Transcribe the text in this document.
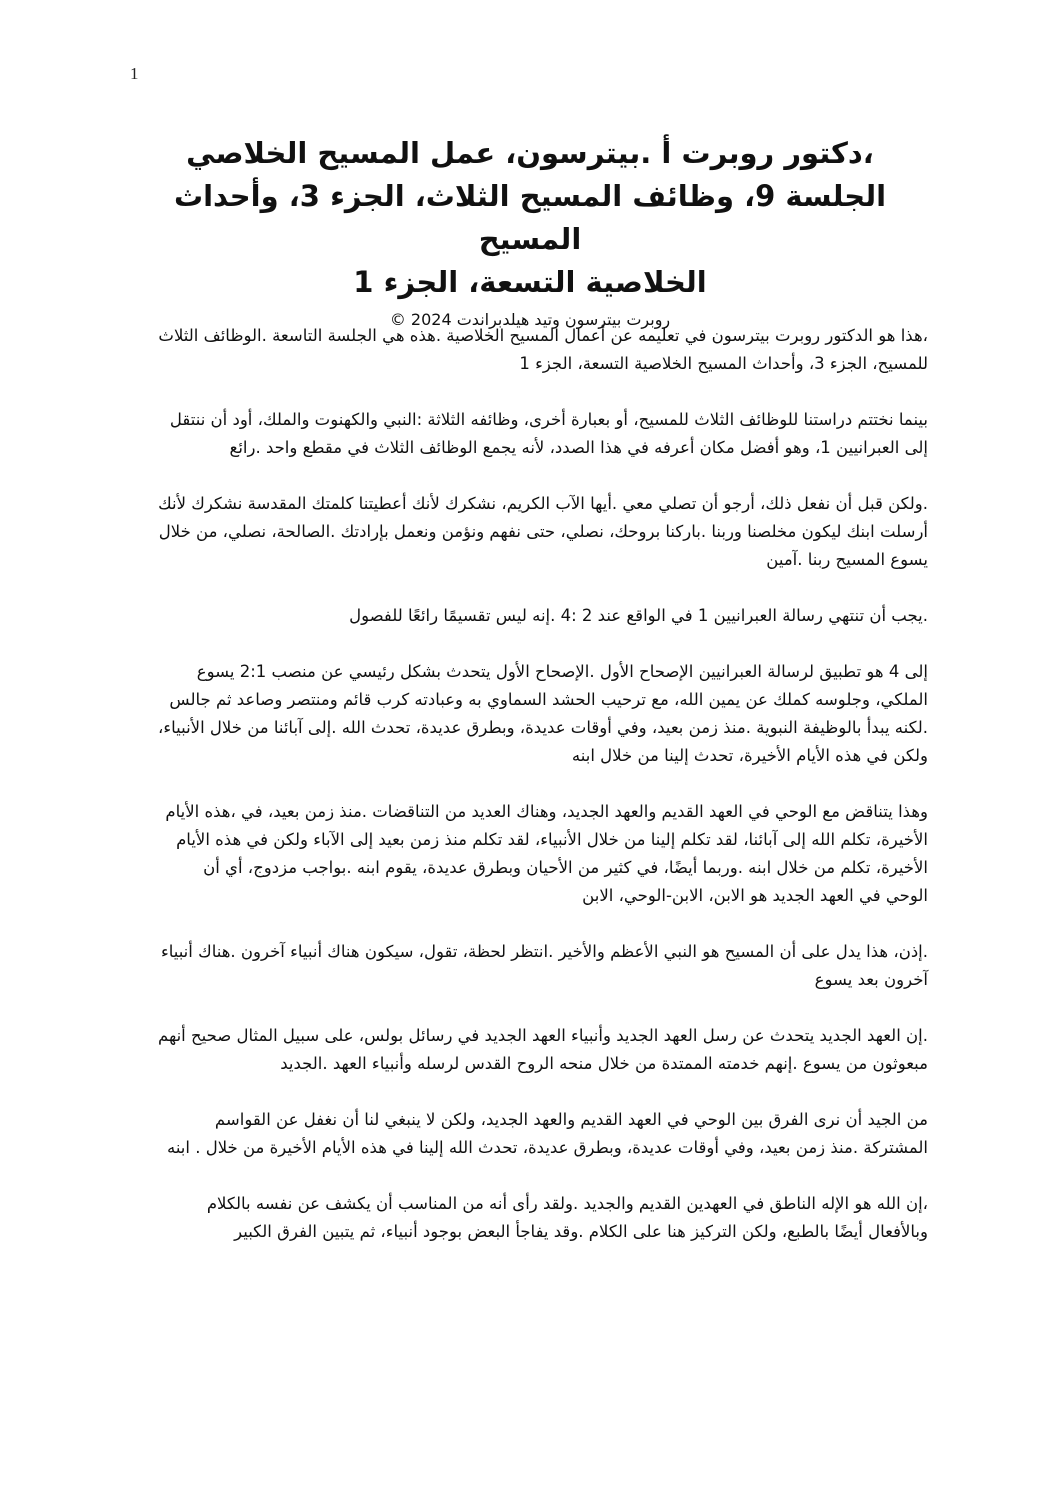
1
،دكتور روبرت أ .بيترسون، عمل المسيح الخلاصي
الجلسة 9، وظائف المسيح الثلاث، الجزء 3، وأحداث المسيح
الخلاصية التسعة، الجزء 1
روبرت بيترسون وتيد هيلدبراندت 2024 ©

،هذا هو الدكتور روبرت بيترسون في تعليمه عن أعمال المسيح الخلاصية .هذه هي الجلسة التاسعة .الوظائف الثلاث للمسيح، الجزء 3، وأحداث المسيح الخلاصية التسعة، الجزء 1

بينما نختتم دراستنا للوظائف الثلاث للمسيح، أو بعبارة أخرى، وظائفه الثلاثة :النبي والكهنوت والملك، أود أن ننتقل إلى العبرانيين 1، وهو أفضل مكان أعرفه في هذا الصدد، لأنه يجمع الوظائف الثلاث في مقطع واحد .رائع

.ولكن قبل أن نفعل ذلك، أرجو أن تصلي معي .أيها الآب الكريم، نشكرك لأنك أعطيتنا كلمتك المقدسة نشكرك لأنك أرسلت ابنك ليكون مخلصنا وربنا .باركنا بروحك، نصلي، حتى نفهم ونؤمن ونعمل بإرادتك .الصالحة، نصلي، من خلال يسوع المسيح ربنا .آمين

.يجب أن تنتهي رسالة العبرانيين 1 في الواقع عند 2 :4 .إنه ليس تقسيمًا رائعًا للفصول

إلى 4 هو تطبيق لرسالة العبرانيين الإصحاح الأول .الإصحاح الأول يتحدث بشكل رئيسي عن منصب 2:1 يسوع الملكي، وجلوسه كملك عن يمين الله، مع ترحيب الحشد السماوي به وعبادته كرب قائم ومنتصر وصاعد ثم جالس .لكنه يبدأ بالوظيفة النبوية .منذ زمن بعيد، وفي أوقات عديدة، وبطرق عديدة، تحدث الله .إلى آبائنا من خلال الأنبياء، ولكن في هذه الأيام الأخيرة، تحدث إلينا من خلال ابنه

وهذا يتناقض مع الوحي في العهد القديم والعهد الجديد، وهناك العديد من التناقضات .منذ زمن بعيد، في ،هذه الأيام الأخيرة، تكلم الله إلى آبائنا، لقد تكلم إلينا من خلال الأنبياء، لقد تكلم منذ زمن بعيد إلى الآباء ولكن في هذه الأيام الأخيرة، تكلم من خلال ابنه .وربما أيضًا، في كثير من الأحيان وبطرق عديدة، يقوم ابنه .بواجب مزدوج، أي أن الوحي في العهد الجديد هو الابن، الابن-الوحي، الابن

.إذن، هذا يدل على أن المسيح هو النبي الأعظم والأخير .انتظر لحظة، تقول، سيكون هناك أنبياء آخرون .هناك أنبياء آخرون بعد يسوع

.إن العهد الجديد يتحدث عن رسل العهد الجديد وأنبياء العهد الجديد في رسائل بولس، على سبيل المثال صحيح أنهم مبعوثون من يسوع .إنهم خدمته الممتدة من خلال منحه الروح القدس لرسله وأنبياء العهد .الجديد

من الجيد أن نرى الفرق بين الوحي في العهد القديم والعهد الجديد، ولكن لا ينبغي لنا أن نغفل عن القواسم المشتركة .منذ زمن بعيد، وفي أوقات عديدة، وبطرق عديدة، تحدث الله إلينا في هذه الأيام الأخيرة من خلال . ابنه

،إن الله هو الإله الناطق في العهدين القديم والجديد .ولقد رأى أنه من المناسب أن يكشف عن نفسه بالكلام وبالأفعال أيضًا بالطبع، ولكن التركيز هنا على الكلام .وقد يفاجأ البعض بوجود أنبياء، ثم يتبين الفرق الكبير
